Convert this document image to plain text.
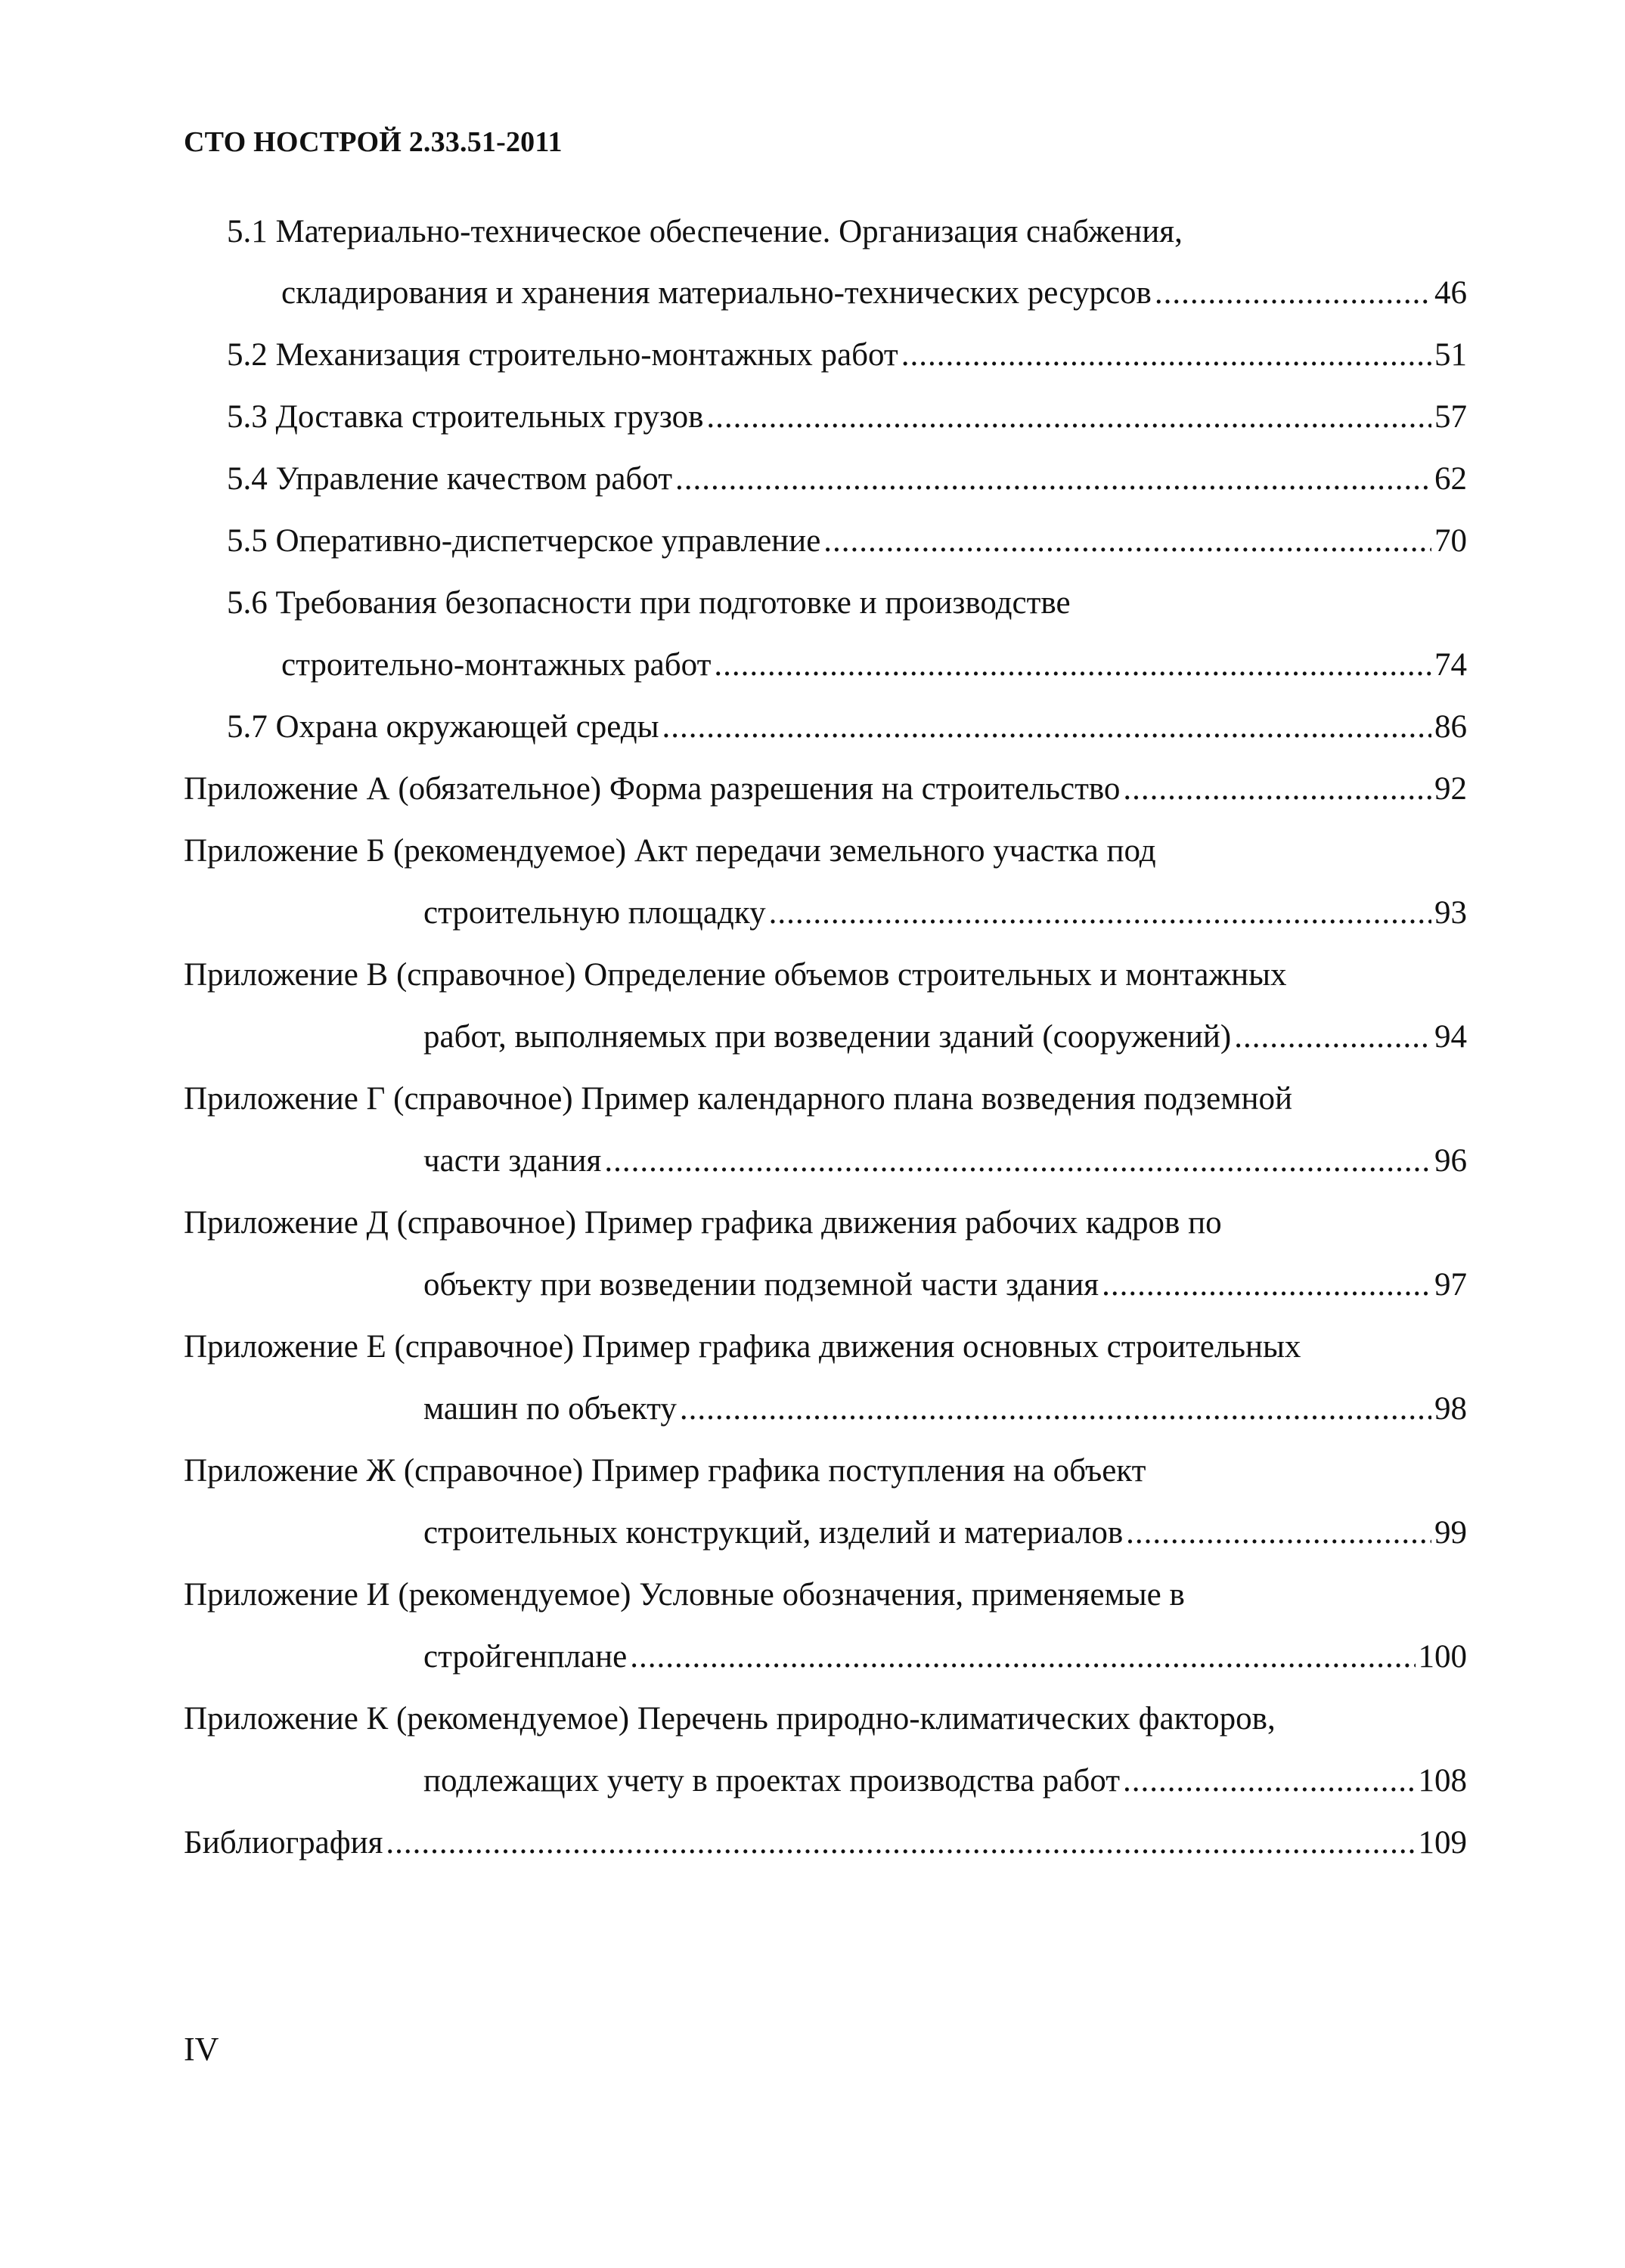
СТО НОСТРОЙ 2.33.51-2011
5.1 Материально-техническое обеспечение. Организация снабжения,
складирования и хранения материально-технических ресурсов .....	46
5.2 Механизация строительно-монтажных работ .....	51
5.3 Доставка строительных грузов .....	57
5.4 Управление качеством работ .....	62
5.5 Оперативно-диспетчерское управление .....	70
5.6 Требования безопасности при подготовке и производстве
строительно-монтажных работ .....	74
5.7 Охрана окружающей среды .....	86
Приложение А (обязательное) Форма разрешения на строительство .....	92
Приложение Б (рекомендуемое) Акт передачи земельного участка под
строительную площадку .....	93
Приложение В (справочное) Определение объемов строительных и монтажных
работ, выполняемых при возведении зданий (сооружений) .....	94
Приложение Г (справочное) Пример календарного плана возведения подземной
части здания .....	96
Приложение Д (справочное) Пример графика движения рабочих кадров по
объекту при возведении подземной части здания .....	97
Приложение Е (справочное) Пример графика движения основных строительных
машин по объекту .....	98
Приложение Ж (справочное) Пример графика поступления на объект
строительных конструкций, изделий и материалов .....	99
Приложение И (рекомендуемое) Условные обозначения, применяемые в
стройгенплане .....	100
Приложение К (рекомендуемое) Перечень природно-климатических факторов,
подлежащих учету в проектах производства работ .....	108
Библиография .....	109
IV
